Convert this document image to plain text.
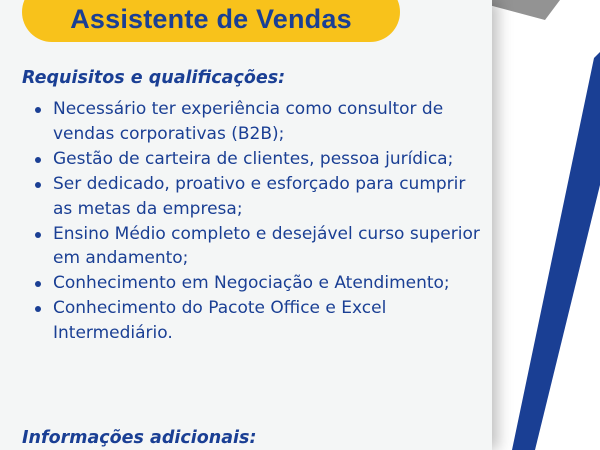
Assistente de Vendas
Requisitos e qualificações:
Necessário ter experiência como consultor de vendas corporativas (B2B);
Gestão de carteira de clientes, pessoa jurídica;
Ser dedicado, proativo e esforçado para cumprir as metas da empresa;
Ensino Médio completo e desejável curso superior em andamento;
Conhecimento em Negociação e Atendimento;
Conhecimento do Pacote Office e Excel Intermediário.
Informações adicionais:
